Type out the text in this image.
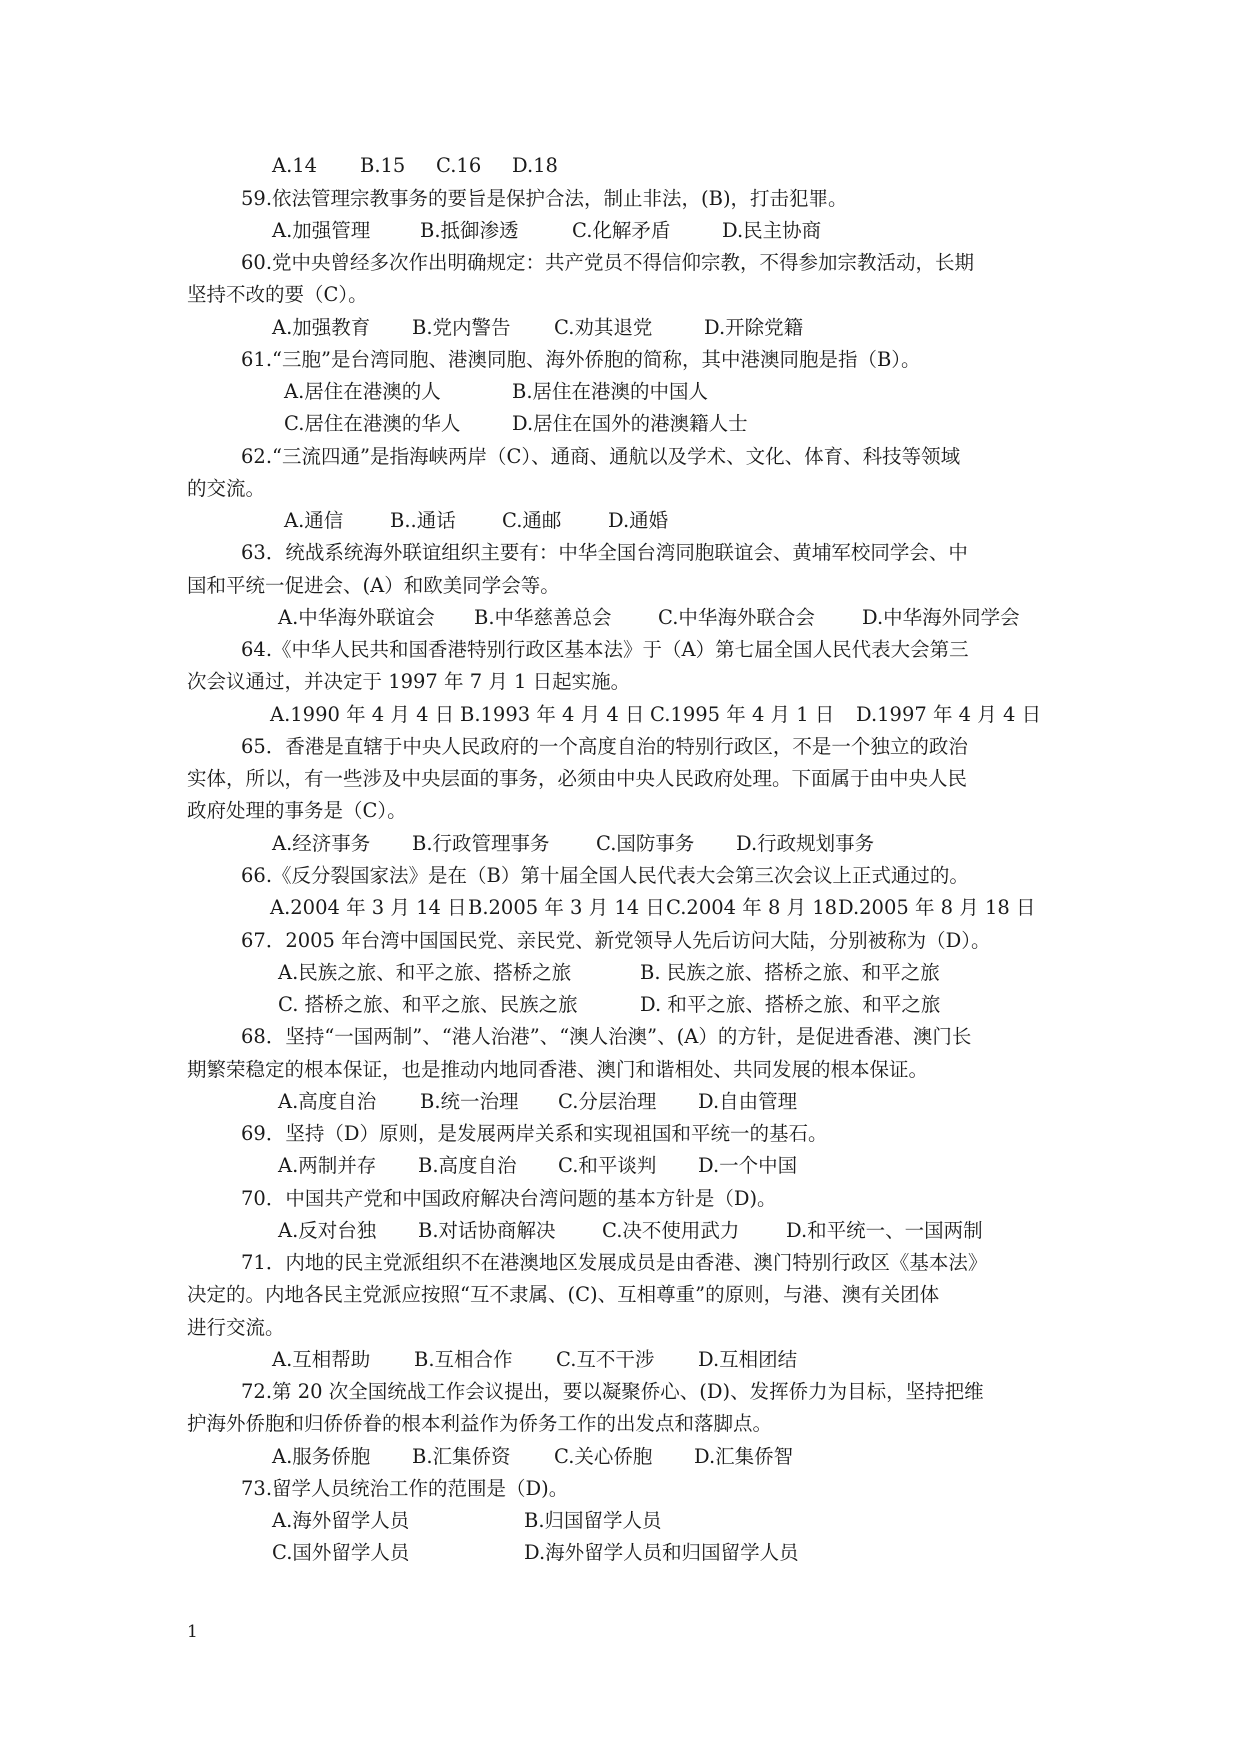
A.14 B.15 C.16 D.18
59.依法管理宗教事务的要旨是保护合法，制止非法，(B)，打击犯罪。
A.加强管理	B.抵御渗透	C.化解矛盾	D.民主协商
60.党中央曾经多次作出明确规定：共产党员不得信仰宗教，不得参加宗教活动，长期
坚持不改的要（C）。
A.加强教育 B.党内警告 C.劝其退党	D.开除党籍
61.“三胞”是台湾同胞、港澳同胞、海外侨胞的简称，其中港澳同胞是指（B）。
A.居住在港澳的人	B.居住在港澳的中国人
C.居住在港澳的华人	D.居住在国外的港澳籍人士
62.“三流四通”是指海峡两岸（C）、通商、通航以及学术、文化、体育、科技等领域
的交流。
A.通信 B..通话 C.通邮 D.通婚
63．统战系统海外联谊组织主要有：中华全国台湾同胞联谊会、黄埔军校同学会、中
国和平统一促进会、(A）和欧美同学会等。
A.中华海外联谊会 B.中华慈善总会 C.中华海外联合会 D.中华海外同学会
64.《中华人民共和国香港特别行政区基本法》于（A）第七届全国人民代表大会第三
次会议通过，并决定于 1997 年 7 月 1 日起实施。
A.1990 年 4 月 4 日 B.1993 年 4 月 4 日 C.1995 年 4 月 1 日 D.1997 年 4 月 4 日
65．香港是直辖于中央人民政府的一个高度自治的特别行政区，不是一个独立的政治
实体，所以，有一些涉及中央层面的事务，必须由中央人民政府处理。下面属于由中央人民
政府处理的事务是（C）。
A.经济事务 B.行政管理事务 C.国防事务 D.行政规划事务
66.《反分裂国家法》是在（B）第十届全国人民代表大会第三次会议上正式通过的。
A.2004 年 3 月 14 日B.2005 年 3 月 14 日C.2004 年 8 月 18D.2005 年 8 月 18 日
67．2005 年台湾中国国民党、亲民党、新党领导人先后访问大陆，分别被称为（D）。
A.民族之旅、和平之旅、搭桥之旅	B. 民族之旅、搭桥之旅、和平之旅
C. 搭桥之旅、和平之旅、民族之旅	D. 和平之旅、搭桥之旅、和平之旅
68．坚持“一国两制”、“港人治港”、“澳人治澳”、(A）的方针，是促进香港、澳门长
期繁荣稳定的根本保证，也是推动内地同香港、澳门和谐相处、共同发展的根本保证。
A.高度自治 B.统一治理 C.分层治理 D.自由管理
69．坚持（D）原则，是发展两岸关系和实现祖国和平统一的基石。
A.两制并存 B.高度自治 C.和平谈判 D.一个中国
70．中国共产党和中国政府解决台湾问题的基本方针是（D)。
A.反对台独 B.对话协商解决 C.决不使用武力 D.和平统一、一国两制
71．内地的民主党派组织不在港澳地区发展成员是由香港、澳门特别行政区《基本法》
决定的。内地各民主党派应按照“互不隶属、(C)、互相尊重”的原则，与港、澳有关团体
进行交流。
A.互相帮助 B.互相合作 C.互不干涉 D.互相团结
72.第 20 次全国统战工作会议提出，要以凝聚侨心、(D)、发挥侨力为目标，坚持把维
护海外侨胞和归侨侨眷的根本利益作为侨务工作的出发点和落脚点。
A.服务侨胞 B.汇集侨资 C.关心侨胞 D.汇集侨智
73.留学人员统治工作的范围是（D)。
A.海外留学人员	B.归国留学人员
C.国外留学人员	D.海外留学人员和归国留学人员
1
